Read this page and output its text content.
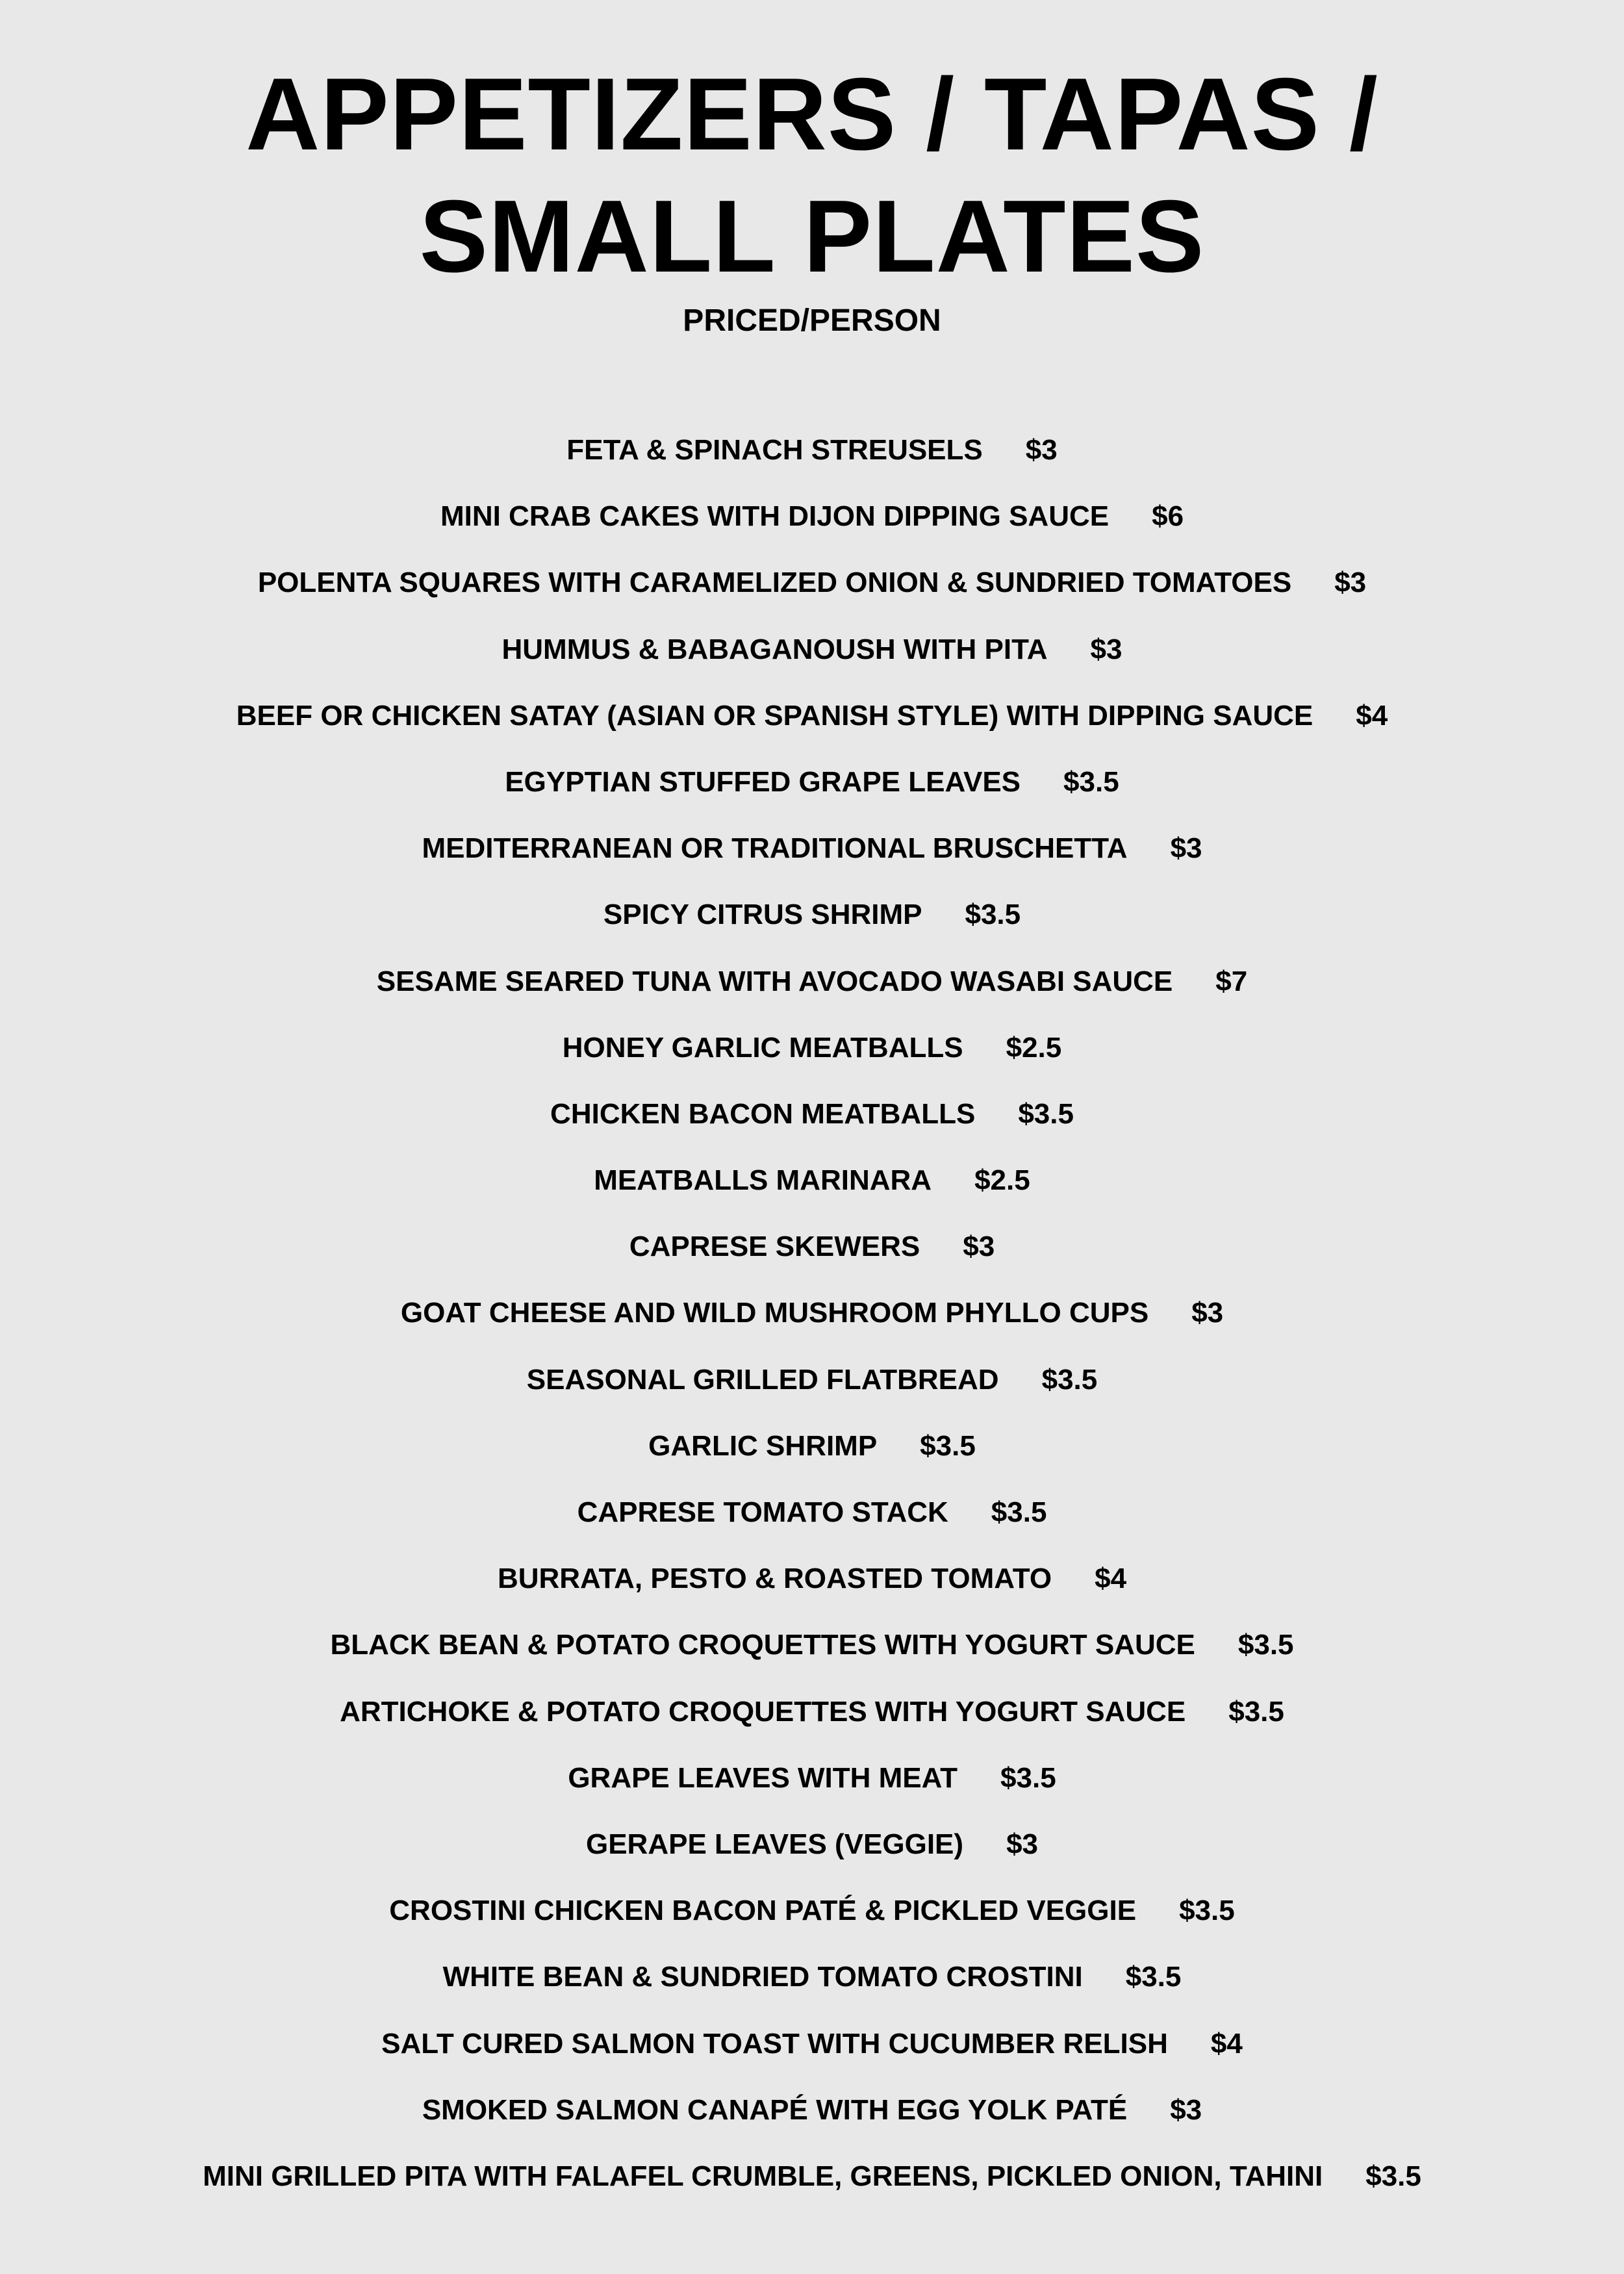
APPETIZERS / TAPAS /
SMALL PLATES
PRICED/PERSON
FETA & SPINACH STREUSELS $3
MINI CRAB CAKES WITH DIJON DIPPING SAUCE $6
POLENTA SQUARES WITH CARAMELIZED ONION & SUNDRIED TOMATOES $3
HUMMUS & BABAGANOUSH WITH PITA $3
BEEF OR CHICKEN SATAY (ASIAN OR SPANISH STYLE) WITH DIPPING SAUCE $4
EGYPTIAN STUFFED GRAPE LEAVES $3.5
MEDITERRANEAN OR TRADITIONAL BRUSCHETTA $3
SPICY CITRUS SHRIMP $3.5
SESAME SEARED TUNA WITH AVOCADO WASABI SAUCE $7
HONEY GARLIC MEATBALLS $2.5
CHICKEN BACON MEATBALLS $3.5
MEATBALLS MARINARA $2.5
CAPRESE SKEWERS $3
GOAT CHEESE AND WILD MUSHROOM PHYLLO CUPS $3
SEASONAL GRILLED FLATBREAD $3.5
GARLIC SHRIMP $3.5
CAPRESE TOMATO STACK $3.5
BURRATA, PESTO & ROASTED TOMATO $4
BLACK BEAN & POTATO CROQUETTES WITH YOGURT SAUCE $3.5
ARTICHOKE & POTATO CROQUETTES WITH YOGURT SAUCE $3.5
GRAPE LEAVES WITH MEAT $3.5
GERAPE LEAVES (VEGGIE) $3
CROSTINI CHICKEN BACON PATÉ & PICKLED VEGGIE $3.5
WHITE BEAN & SUNDRIED TOMATO CROSTINI $3.5
SALT CURED SALMON TOAST WITH CUCUMBER RELISH $4
SMOKED SALMON CANAPÉ WITH EGG YOLK PATÉ $3
MINI GRILLED PITA WITH FALAFEL CRUMBLE, GREENS, PICKLED ONION, TAHINI $3.5
